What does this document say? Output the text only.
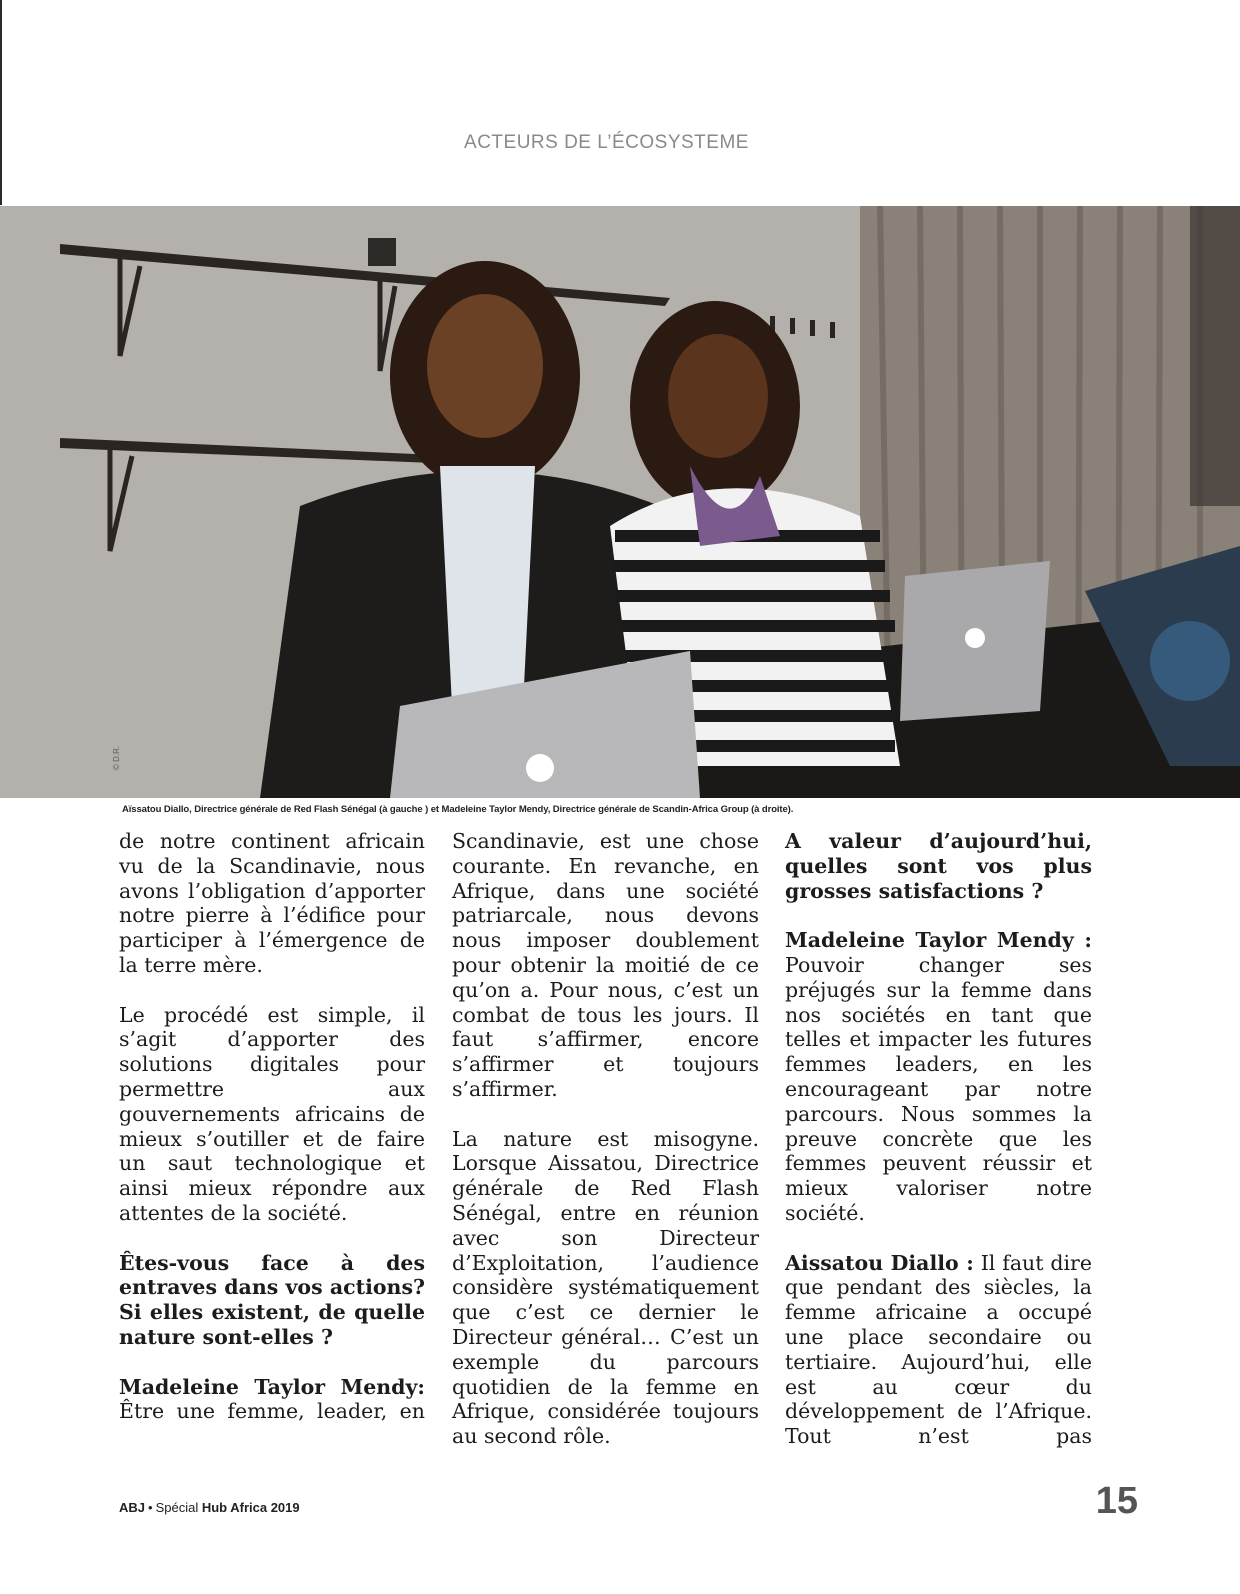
ACTEURS DE L’ÉCOSYSTEME
© D.R.
Aïssatou Diallo, Directrice générale de Red Flash Sénégal (à gauche ) et Madeleine Taylor Mendy, Directrice générale de Scandin-Africa Group (à droite).

de notre continent africain vu de la Scandinavie, nous avons l’obligation d’apporter notre pierre à l’édifice pour participer à l’émergence de la terre mère.

Le procédé est simple, il s’agit d’apporter des solutions digitales pour permettre aux gouvernements africains de mieux s’outiller et de faire un saut technologique et ainsi mieux répondre aux attentes de la société.

Êtes-vous face à des entraves dans vos actions? Si elles existent, de quelle nature sont-elles ?

Madeleine Taylor Mendy:
Être une femme, leader, en

Scandinavie, est une chose courante. En revanche, en Afrique, dans une société patriarcale, nous devons nous imposer doublement pour obtenir la moitié de ce qu’on a. Pour nous, c’est un combat de tous les jours. Il faut s’affirmer, encore s’affirmer et toujours s’affirmer.

La nature est misogyne. Lorsque Aissatou, Directrice générale de Red Flash Sénégal, entre en réunion avec son Directeur d’Exploitation, l’audience considère systématiquement que c’est ce dernier le Directeur général… C’est un exemple du parcours quotidien de la femme en Afrique, considérée toujours au second rôle.

A valeur d’aujourd’hui, quelles sont vos plus grosses satisfactions ?

Madeleine Taylor Mendy : Pouvoir changer ses préjugés sur la femme dans nos sociétés en tant que telles et impacter les futures femmes leaders, en les encourageant par notre parcours. Nous sommes la preuve concrète que les femmes peuvent réussir et mieux valoriser notre société.

Aissatou Diallo : Il faut dire que pendant des siècles, la femme africaine a occupé une place secondaire ou tertiaire. Aujourd’hui, elle est au cœur du développement de l’Afrique. Tout n’est pas

ABJ • Spécial Hub Africa 2019	15
